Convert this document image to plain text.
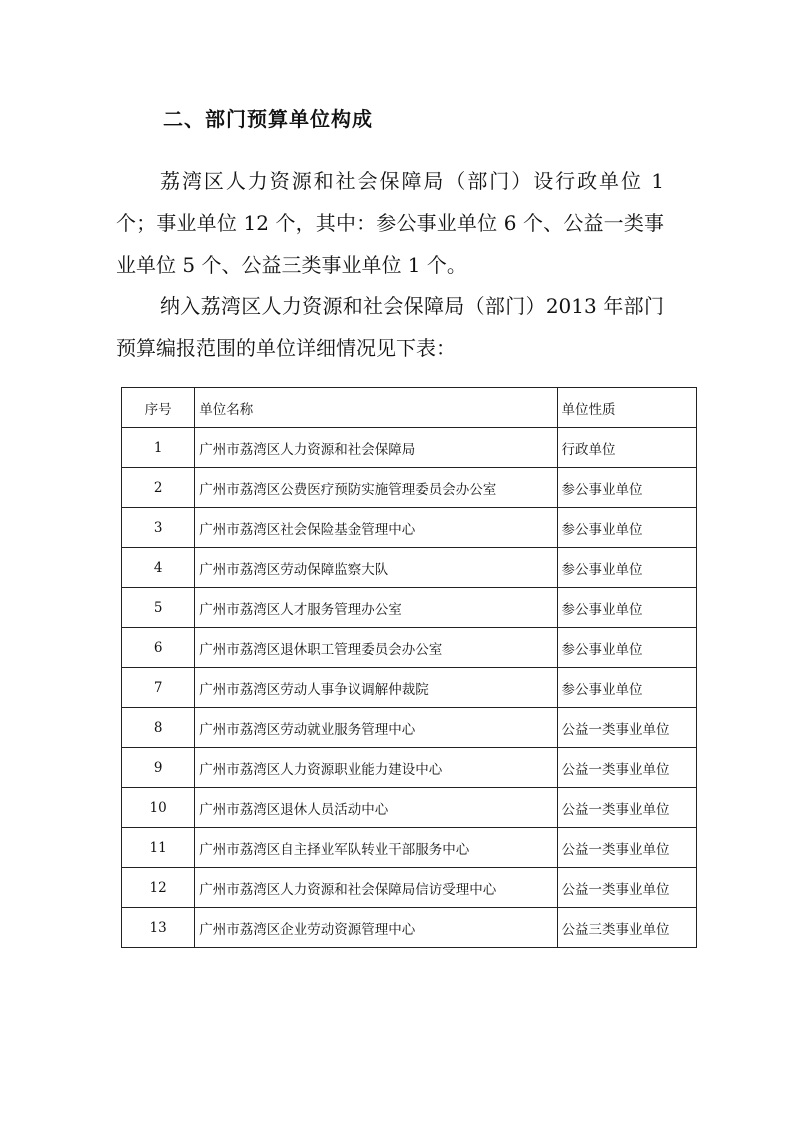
二、部门预算单位构成

荔湾区人力资源和社会保障局（部门）设行政单位 1 个；事业单位 12 个，其中：参公事业单位 6 个、公益一类事业单位 5 个、公益三类事业单位 1 个。

纳入荔湾区人力资源和社会保障局（部门）2013 年部门预算编报范围的单位详细情况见下表：

序号	单位名称	单位性质
1	广州市荔湾区人力资源和社会保障局	行政单位
2	广州市荔湾区公费医疗预防实施管理委员会办公室	参公事业单位
3	广州市荔湾区社会保险基金管理中心	参公事业单位
4	广州市荔湾区劳动保障监察大队	参公事业单位
5	广州市荔湾区人才服务管理办公室	参公事业单位
6	广州市荔湾区退休职工管理委员会办公室	参公事业单位
7	广州市荔湾区劳动人事争议调解仲裁院	参公事业单位
8	广州市荔湾区劳动就业服务管理中心	公益一类事业单位
9	广州市荔湾区人力资源职业能力建设中心	公益一类事业单位
10	广州市荔湾区退休人员活动中心	公益一类事业单位
11	广州市荔湾区自主择业军队转业干部服务中心	公益一类事业单位
12	广州市荔湾区人力资源和社会保障局信访受理中心	公益一类事业单位
13	广州市荔湾区企业劳动资源管理中心	公益三类事业单位
